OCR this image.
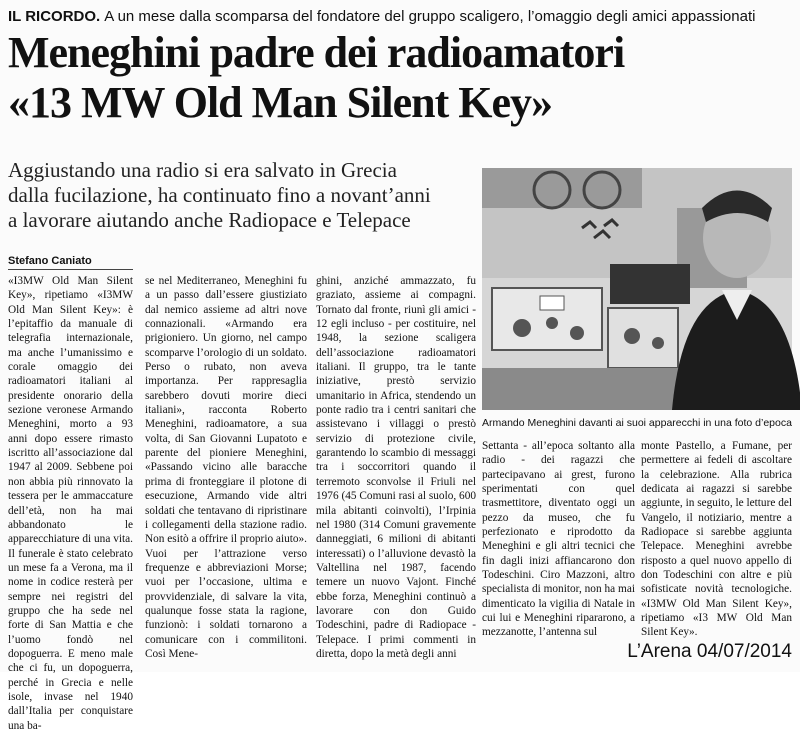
IL RICORDO. A un mese dalla scomparsa del fondatore del gruppo scaligero, l’omaggio degli amici appassionati
Meneghini padre dei radioamatori
«13 MW Old Man Silent Key»
Aggiustando una radio si era salvato in Grecia
dalla fucilazione, ha continuato fino a novant’anni
a lavorare aiutando anche Radiopace e Telepace
Stefano Caniato

«I3MW Old Man Silent Key», ripetiamo «I3MW Old Man Silent Key»: è l’epitaffio da manuale di telegrafia internazionale, ma anche l’umanissimo e corale omaggio dei radioamatori italiani al presidente onorario della sezione veronese Armando Meneghini, morto a 93 anni dopo essere rimasto iscritto all’associazione dal 1947 al 2009. Sebbene poi non abbia più rinnovato la tessera per le ammaccature dell’età, non ha mai abbandonato le apparecchiature di una vita. Il funerale è stato celebrato un mese fa a Verona, ma il nome in codice resterà per sempre nei registri del gruppo che ha sede nel forte di San Mattia e che l’uomo fondò nel dopoguerra. E meno male che ci fu, un dopoguerra, perché in Grecia e nelle isole, invase nel 1940 dall’Italia per conquistare una ba-

se nel Mediterraneo, Meneghini fu a un passo dall’essere giustiziato dal nemico assieme ad altri nove connazionali. «Armando era prigioniero. Un giorno, nel campo scomparve l’orologio di un soldato. Perso o rubato, non aveva importanza. Per rappresaglia sarebbero dovuti morire dieci italiani», racconta Roberto Meneghini, radioamatore, a sua volta, di San Giovanni Lupatoto e parente del pioniere Meneghini, «Passando vicino alle baracche prima di fronteggiare il plotone di esecuzione, Armando vide altri soldati che tentavano di ripristinare i collegamenti della stazione radio. Non esitò a offrire il proprio aiuto». Vuoi per l’attrazione verso frequenze e abbreviazioni Morse; vuoi per l’occasione, ultima e provvidenziale, di salvare la vita, qualunque fosse stata la ragione, funzionò: i soldati tornarono a comunicare con i commilitoni. Così Mene-

ghini, anziché ammazzato, fu graziato, assieme ai compagni. Tornato dal fronte, riunì gli amici - 12 egli incluso - per costituire, nel 1948, la sezione scaligera dell’associazione radioamatori italiani. Il gruppo, tra le tante iniziative, prestò servizio umanitario in Africa, stendendo un ponte radio tra i centri sanitari che assistevano i villaggi o prestò servizio di protezione civile, garantendo lo scambio di messaggi tra i soccorritori quando il terremoto sconvolse il Friuli nel 1976 (45 Comuni rasi al suolo, 600 mila abitanti coinvolti), l’Irpinia nel 1980 (314 Comuni gravemente danneggiati, 6 milioni di abitanti interessati) o l’alluvione devastò la Valtellina nel 1987, facendo temere un nuovo Vajont. Finché ebbe forza, Meneghini continuò a lavorare con don Guido Todeschini, padre di Radiopace - Telepace. I primi commenti in diretta, dopo la metà degli anni

Armando Meneghini davanti ai suoi apparecchi in una foto d’epoca

Settanta - all’epoca soltanto alla radio - dei ragazzi che partecipavano ai grest, furono sperimentati con quel trasmettitore, diventato oggi un pezzo da museo, che fu perfezionato e riprodotto da Meneghini e gli altri tecnici che fin dagli inizi affiancarono don Todeschini. Ciro Mazzoni, altro specialista di monitor, non ha mai dimenticato la vigilia di Natale in cui lui e Meneghini ripararono, a mezzanotte, l’antenna sul

monte Pastello, a Fumane, per permettere ai fedeli di ascoltare la celebrazione. Alla rubrica dedicata ai ragazzi si sarebbe aggiunte, in seguito, le letture del Vangelo, il notiziario, mentre a Radiopace si sarebbe aggiunta Telepace. Meneghini avrebbe risposto a quel nuovo appello di don Todeschini con altre e più sofisticate novità tecnologiche. «I3MW Old Man Silent Key», ripetiamo «I3 MW Old Man Silent Key».

L’Arena 04/07/2014
